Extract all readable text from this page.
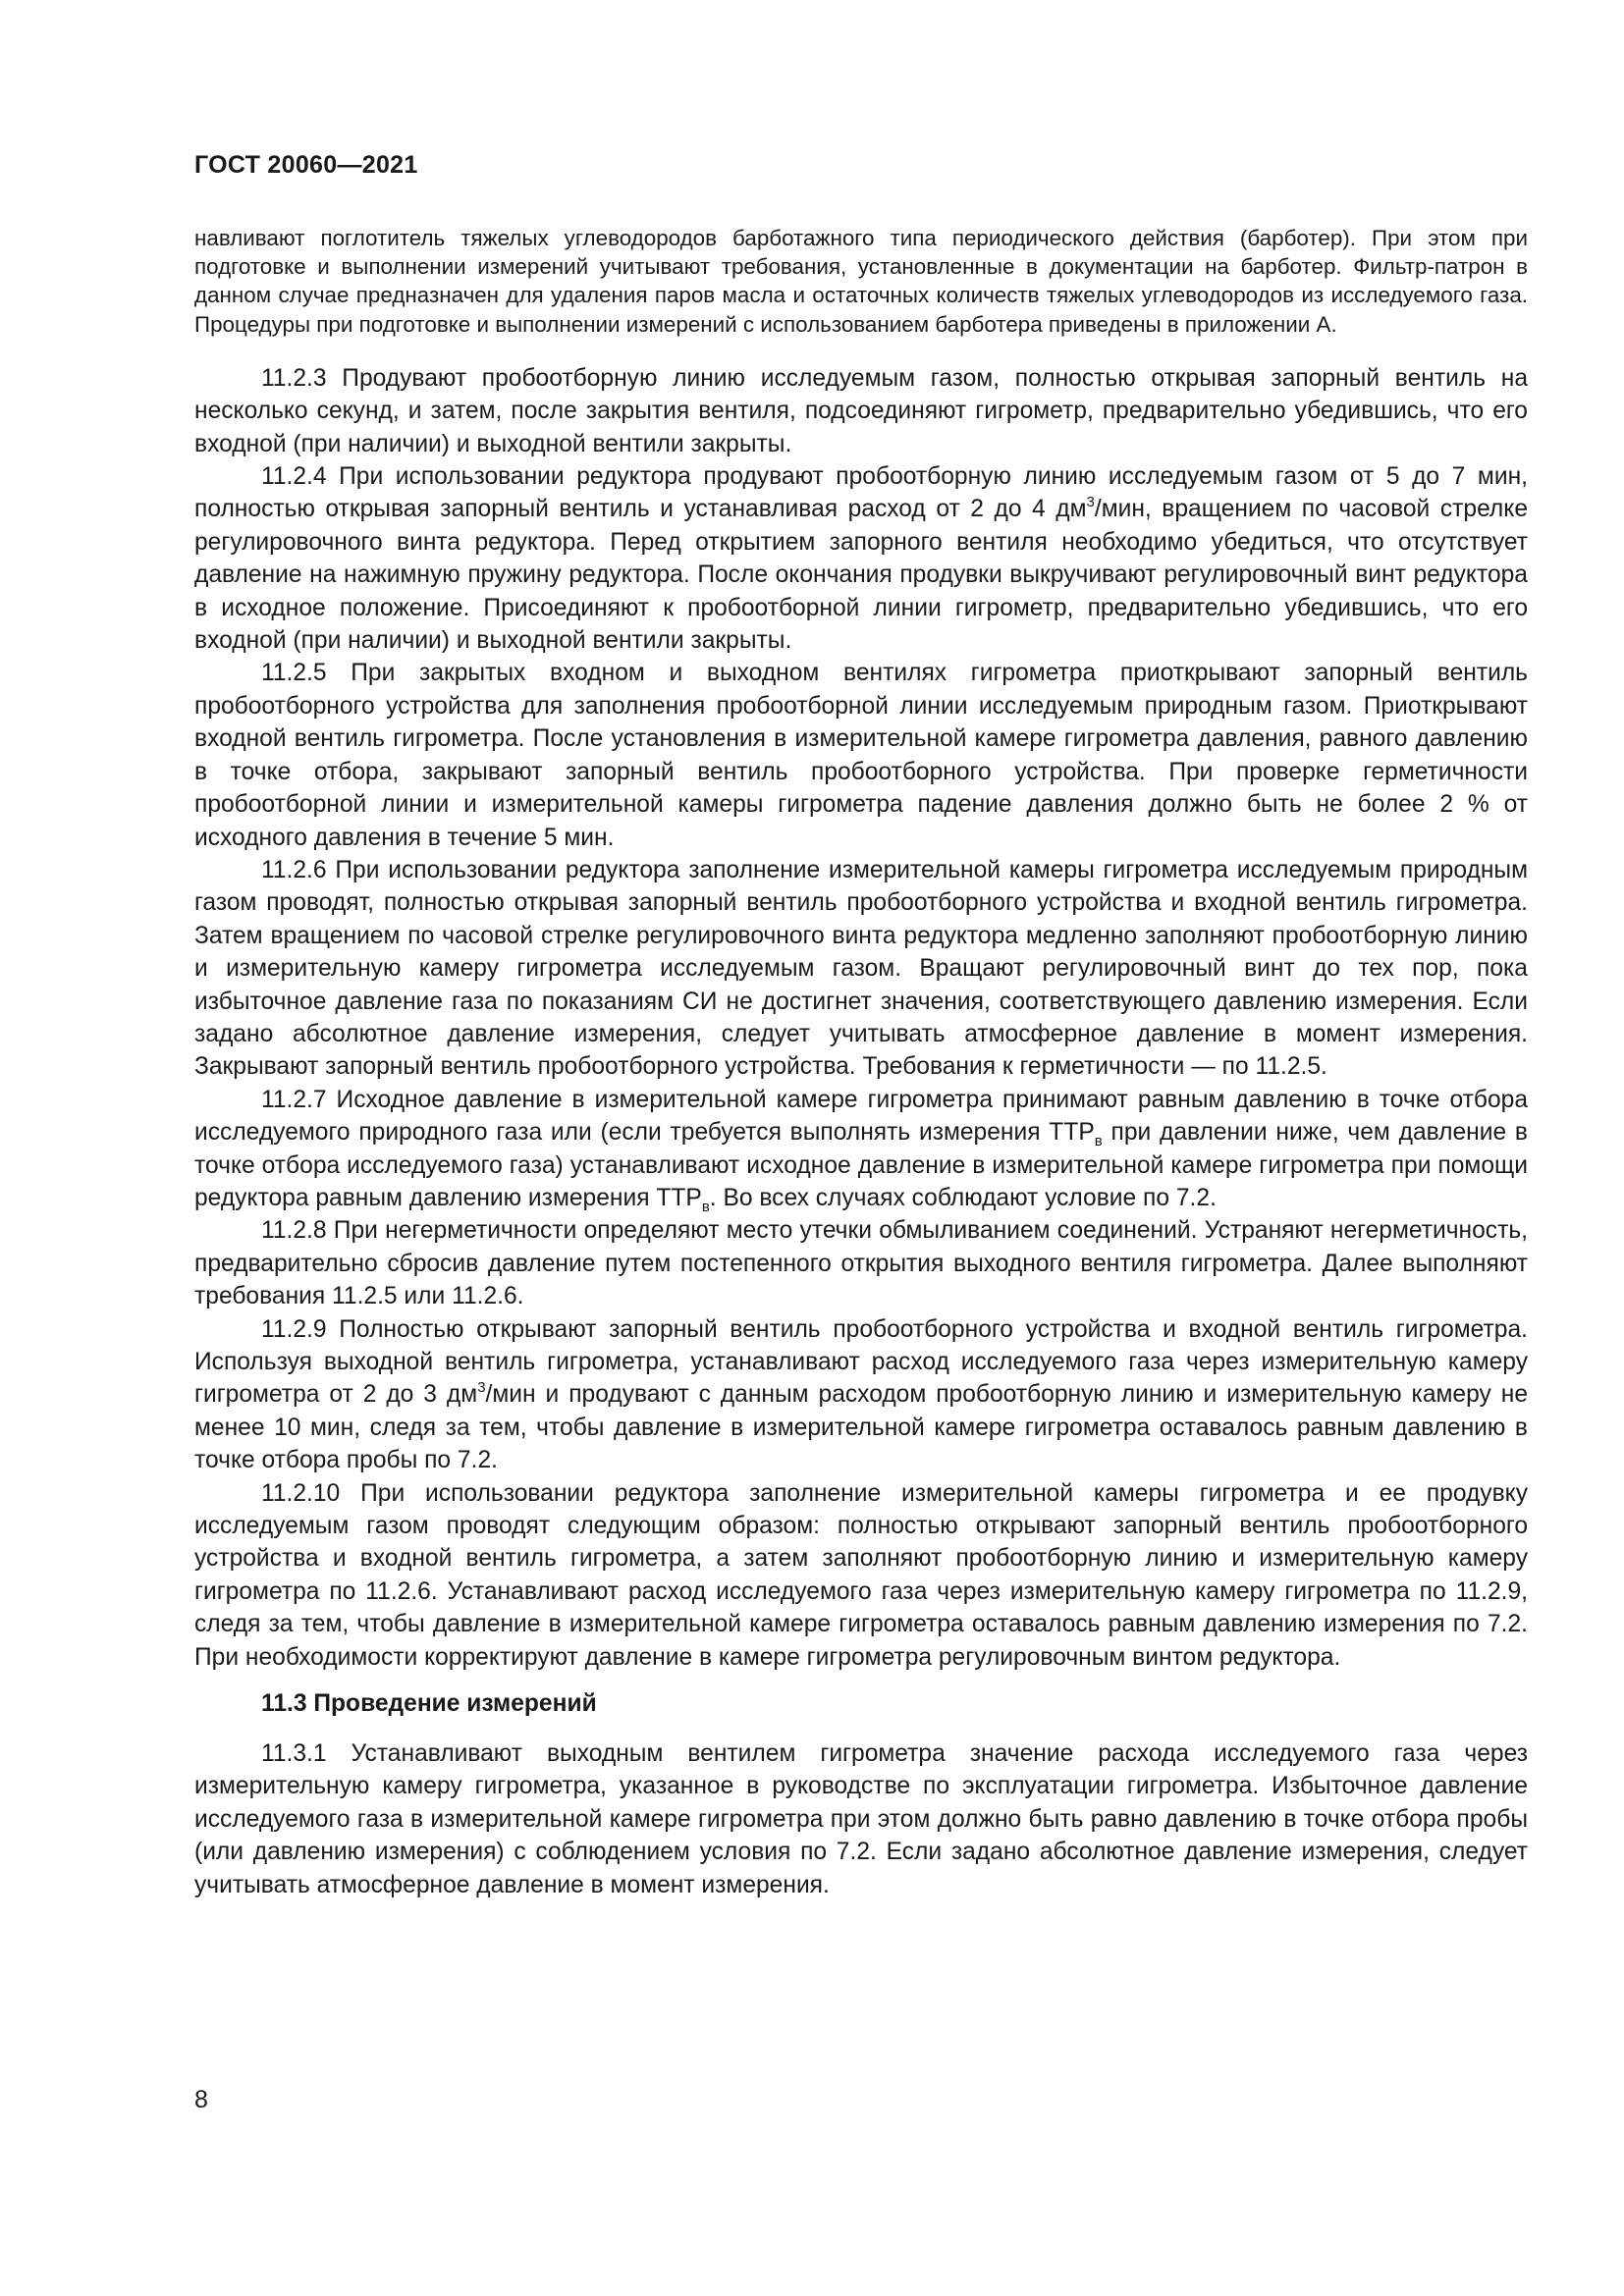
ГОСТ 20060—2021

навливают поглотитель тяжелых углеводородов барботажного типа периодического действия (барботер). При этом при подготовке и выполнении измерений учитывают требования, установленные в документации на барботер. Фильтр-патрон в данном случае предназначен для удаления паров масла и остаточных количеств тяжелых углеводородов из исследуемого газа. Процедуры при подготовке и выполнении измерений с использованием барботера приведены в приложении А.

11.2.3 Продувают пробоотборную линию исследуемым газом, полностью открывая запорный вентиль на несколько секунд, и затем, после закрытия вентиля, подсоединяют гигрометр, предварительно убедившись, что его входной (при наличии) и выходной вентили закрыты.

11.2.4 При использовании редуктора продувают пробоотборную линию исследуемым газом от 5 до 7 мин, полностью открывая запорный вентиль и устанавливая расход от 2 до 4 $дм^3$/мин, вращением по часовой стрелке регулировочного винта редуктора. Перед открытием запорного вентиля необходимо убедиться, что отсутствует давление на нажимную пружину редуктора. После окончания продувки выкручивают регулировочный винт редуктора в исходное положение. Присоединяют к пробоотборной линии гигрометр, предварительно убедившись, что его входной (при наличии) и выходной вентили закрыты.

11.2.5 При закрытых входном и выходном вентилях гигрометра приоткрывают запорный вентиль пробоотборного устройства для заполнения пробоотборной линии исследуемым природным газом. Приоткрывают входной вентиль гигрометра. После установления в измерительной камере гигрометра давления, равного давлению в точке отбора, закрывают запорный вентиль пробоотборного устройства. При проверке герметичности пробоотборной линии и измерительной камеры гигрометра падение давления должно быть не более 2 % от исходного давления в течение 5 мин.

11.2.6 При использовании редуктора заполнение измерительной камеры гигрометра исследуемым природным газом проводят, полностью открывая запорный вентиль пробоотборного устройства и входной вентиль гигрометра. Затем вращением по часовой стрелке регулировочного винта редуктора медленно заполняют пробоотборную линию и измерительную камеру гигрометра исследуемым газом. Вращают регулировочный винт до тех пор, пока избыточное давление газа по показаниям СИ не достигнет значения, соответствующего давлению измерения. Если задано абсолютное давление измерения, следует учитывать атмосферное давление в момент измерения. Закрывают запорный вентиль пробоотборного устройства. Требования к герметичности — по 11.2.5.

11.2.7 Исходное давление в измерительной камере гигрометра принимают равным давлению в точке отбора исследуемого природного газа или (если требуется выполнять измерения $ТТР_в$ при давлении ниже, чем давление в точке отбора исследуемого газа) устанавливают исходное давление в измерительной камере гигрометра при помощи редуктора равным давлению измерения $ТТР_в$. Во всех случаях соблюдают условие по 7.2.

11.2.8 При негерметичности определяют место утечки обмыливанием соединений. Устраняют негерметичность, предварительно сбросив давление путем постепенного открытия выходного вентиля гигрометра. Далее выполняют требования 11.2.5 или 11.2.6.

11.2.9 Полностью открывают запорный вентиль пробоотборного устройства и входной вентиль гигрометра. Используя выходной вентиль гигрометра, устанавливают расход исследуемого газа через измерительную камеру гигрометра от 2 до 3 $дм^3$/мин и продувают с данным расходом пробоотборную линию и измерительную камеру не менее 10 мин, следя за тем, чтобы давление в измерительной камере гигрометра оставалось равным давлению в точке отбора пробы по 7.2.

11.2.10 При использовании редуктора заполнение измерительной камеры гигрометра и ее продувку исследуемым газом проводят следующим образом: полностью открывают запорный вентиль пробоотборного устройства и входной вентиль гигрометра, а затем заполняют пробоотборную линию и измерительную камеру гигрометра по 11.2.6. Устанавливают расход исследуемого газа через измерительную камеру гигрометра по 11.2.9, следя за тем, чтобы давление в измерительной камере гигрометра оставалось равным давлению измерения по 7.2. При необходимости корректируют давление в камере гигрометра регулировочным винтом редуктора.

11.3 Проведение измерений

11.3.1 Устанавливают выходным вентилем гигрометра значение расхода исследуемого газа через измерительную камеру гигрометра, указанное в руководстве по эксплуатации гигрометра. Избыточное давление исследуемого газа в измерительной камере гигрометра при этом должно быть равно давлению в точке отбора пробы (или давлению измерения) с соблюдением условия по 7.2. Если задано абсолютное давление измерения, следует учитывать атмосферное давление в момент измерения.

8
